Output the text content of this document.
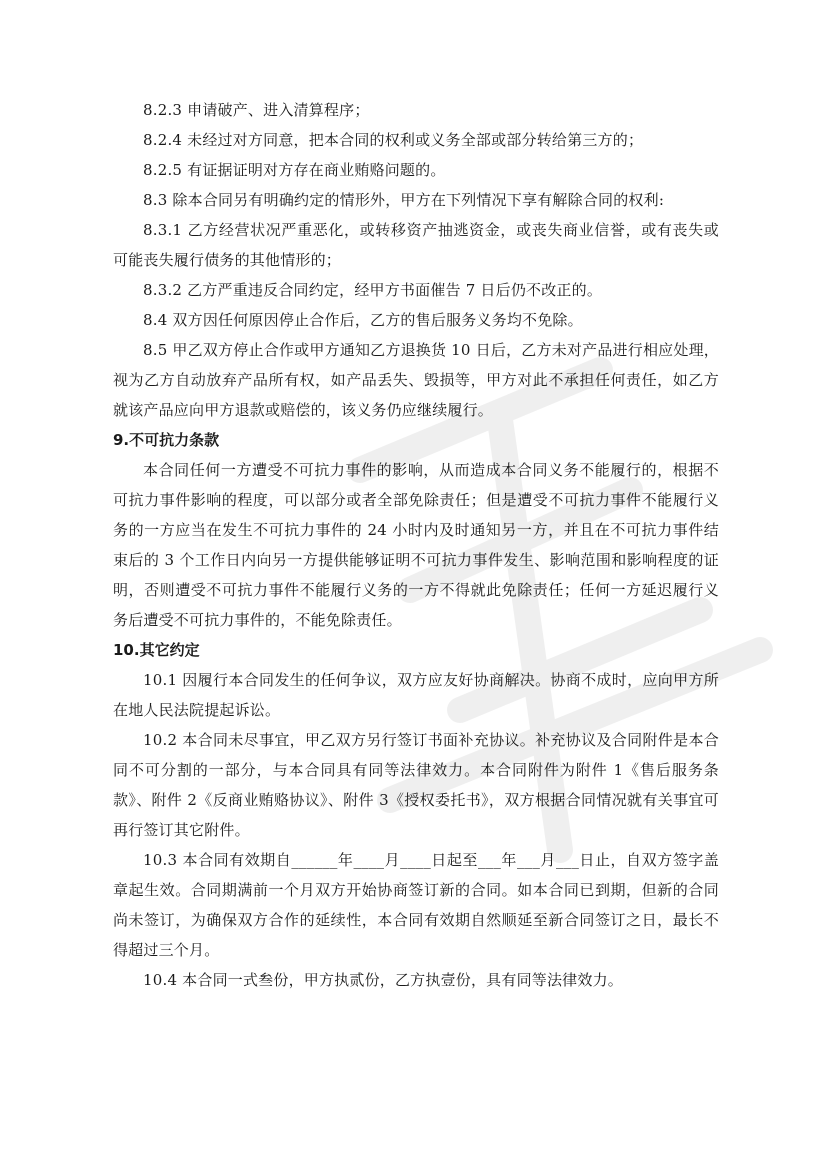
8.2.3 申请破产、进入清算程序；

8.2.4 未经过对方同意，把本合同的权利或义务全部或部分转给第三方的；

8.2.5 有证据证明对方存在商业贿赂问题的。

8.3 除本合同另有明确约定的情形外，甲方在下列情况下享有解除合同的权利:

8.3.1 乙方经营状况严重恶化，或转移资产抽逃资金，或丧失商业信誉，或有丧失或可能丧失履行债务的其他情形的；

8.3.2 乙方严重违反合同约定，经甲方书面催告 7 日后仍不改正的。

8.4 双方因任何原因停止合作后，乙方的售后服务义务均不免除。

8.5 甲乙双方停止合作或甲方通知乙方退换货 10 日后，乙方未对产品进行相应处理，视为乙方自动放弃产品所有权，如产品丢失、毁损等，甲方对此不承担任何责任，如乙方就该产品应向甲方退款或赔偿的，该义务仍应继续履行。

9.不可抗力条款

本合同任何一方遭受不可抗力事件的影响，从而造成本合同义务不能履行的，根据不可抗力事件影响的程度，可以部分或者全部免除责任；但是遭受不可抗力事件不能履行义务的一方应当在发生不可抗力事件的 24 小时内及时通知另一方，并且在不可抗力事件结束后的 3 个工作日内向另一方提供能够证明不可抗力事件发生、影响范围和影响程度的证明，否则遭受不可抗力事件不能履行义务的一方不得就此免除责任；任何一方延迟履行义务后遭受不可抗力事件的，不能免除责任。

10.其它约定

10.1 因履行本合同发生的任何争议，双方应友好协商解决。协商不成时，应向甲方所在地人民法院提起诉讼。

10.2 本合同未尽事宜，甲乙双方另行签订书面补充协议。补充协议及合同附件是本合同不可分割的一部分，与本合同具有同等法律效力。本合同附件为附件 1《售后服务条款》、附件 2《反商业贿赂协议》、附件 3《授权委托书》，双方根据合同情况就有关事宜可再行签订其它附件。

10.3 本合同有效期自______年____月____日起至___年___月___日止，自双方签字盖章起生效。合同期满前一个月双方开始协商签订新的合同。如本合同已到期，但新的合同尚未签订，为确保双方合作的延续性，本合同有效期自然顺延至新合同签订之日，最长不得超过三个月。

10.4 本合同一式叁份，甲方执贰份，乙方执壹份，具有同等法律效力。
